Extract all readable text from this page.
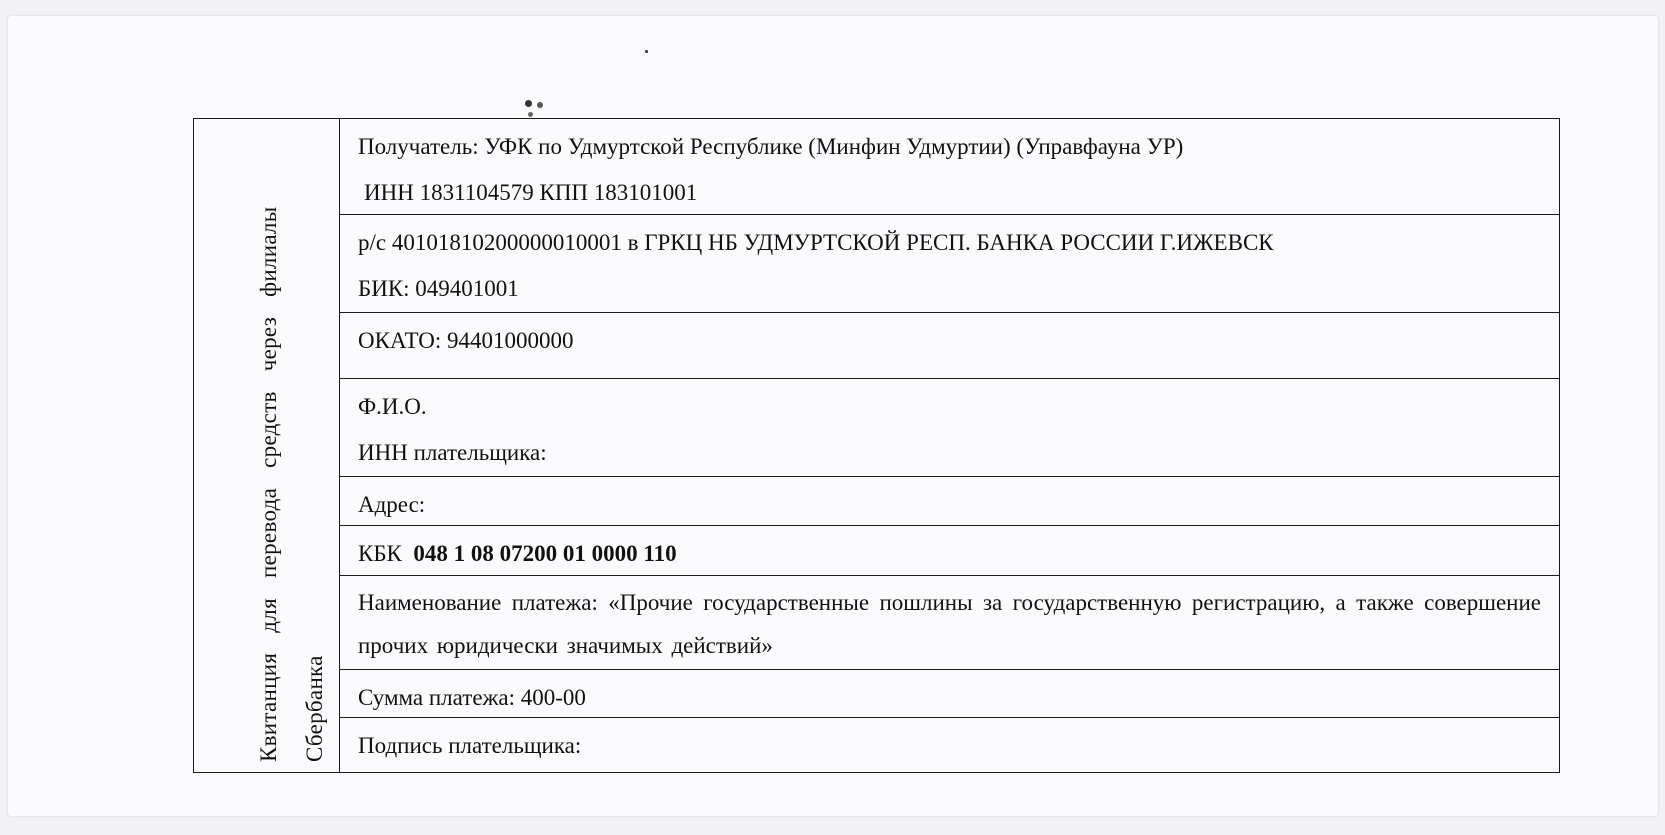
Квитанция для перевода средств через филиалы Сбербанка

Получатель: УФК по Удмуртской Республике (Минфин Удмуртии) (Управфауна УР)

ИНН 1831104579 КПП 183101001

р/с 40101810200000010001 в ГРКЦ НБ УДМУРТСКОЙ РЕСП. БАНКА РОССИИ Г.ИЖЕВСК

БИК: 049401001

ОКАТО: 94401000000

Ф.И.О.

ИНН плательщика:

Адрес:

КБК 048 1 08 07200 01 0000 110

Наименование платежа: «Прочие государственные пошлины за государственную регистрацию, а также совершение прочих юридически значимых действий»

Сумма платежа: 400-00

Подпись плательщика:
